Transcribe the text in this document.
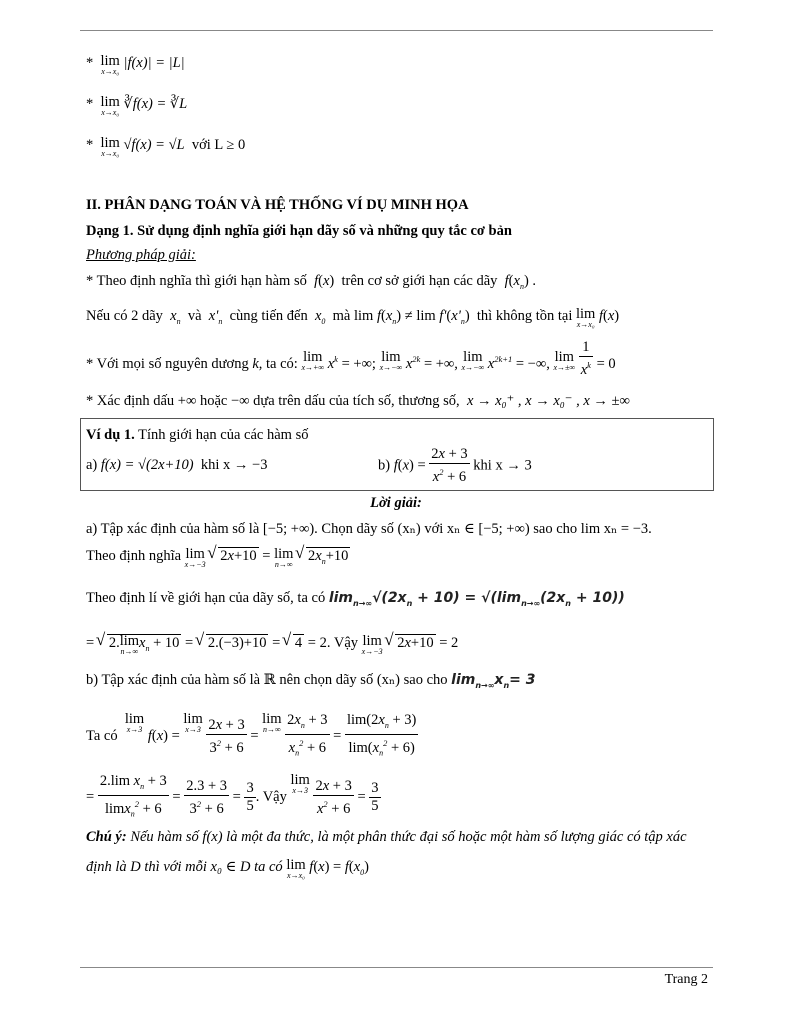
* lim
x→x₀
|f(x)| = |L|
* lim
x→x₀
∛f(x) = ∛L
* lim
x→x₀
√f(x) = √L với L ≥ 0
II. PHÂN DẠNG TOÁN VÀ HỆ THỐNG VÍ DỤ MINH HỌA
Dạng 1. Sử dụng định nghĩa giới hạn dãy số và những quy tắc cơ bản
Phương pháp giải:
* Theo định nghĩa thì giới hạn hàm số f(x)  trên cơ sở giới hạn các dãy $f(x_n)$ .
Nếu có 2 dãy $x_n$ và $x'_n$ cùng tiến đến $x_0$ mà $\lim f(x_n) \ne \lim f'(x'_n)$  thì không tồn tại lim
x→x₀
f(x)
* Với mọi số nguyên dương k, ta có: lim
x→+∞ $x^k$ = +∞; lim
x→−∞ $x^{2k}$ = +∞, lim
x→−∞ $x^{2k+1}$ = −∞, lim
x→±∞
$\frac{1}{x^k} = 0$
* Xác định dấu +∞ hoặc −∞ dựa trên dấu của tích số, thương số, x → x₀⁺ , x → x₀⁻ , x → ±∞
Ví dụ 1. Tính giới hạn của các hàm số
a) f(x) = √(2x+10) khi x → −3	b) $f(x) = \frac{2x + 3}{x^2 + 6}$ khi x → 3
Lời giải:
a) Tập xác định của hàm số là [−5; +∞). Chọn dãy số (xₙ) với xₙ ∈ [−5; +∞) sao cho lim xₙ = −3.
Theo định nghĩa lim
x→−3
√ 2x+10 = lim
n→∞
√ $2x_n+10$
Theo định lí về giới hạn của dãy số, ta có $\lim_{n\to\infty}√(2x_n + 10) = √(\lim_{n\to\infty}(2x_n + 10))$
= √ 2.lim
n→∞
$x_n + 10$ = √ 2.(−3)+10 = √ 4 = 2. Vậy lim
x→−3
√ 2x+10 = 2
b) Tập xác định của hàm số là ℝ nên chọn dãy số (xₙ) sao cho $\lim_{n\to\infty}x_n= 3$
Ta có  lim
x→3 f(x) = lim
x→3
$\frac{2x + 3}{3^2 + 6} = \lim$
n→∞
$\frac{2x_n + 3}{x_n^2 + 6} = \frac{\lim(2x_n + 3)}{\lim(x_n^2 + 6)}$
= $\frac{2.\lim x_n + 3}{\lim x_n^2 + 6} = \frac{2.3 + 3}{3^2 + 6} = \frac{3}{5}$ . Vậy lim
x→3
$\frac{2x + 3}{x^2 + 6} = \frac{3}{5}$
Chú ý: Nếu hàm số f(x) là một đa thức, là một phân thức đại số hoặc một hàm số lượng giác có tập xác
định là D thì với mỗi x₀ ∈ D ta có lim
x→x₀
$f(x) = f(x_0)$
Trang 2
